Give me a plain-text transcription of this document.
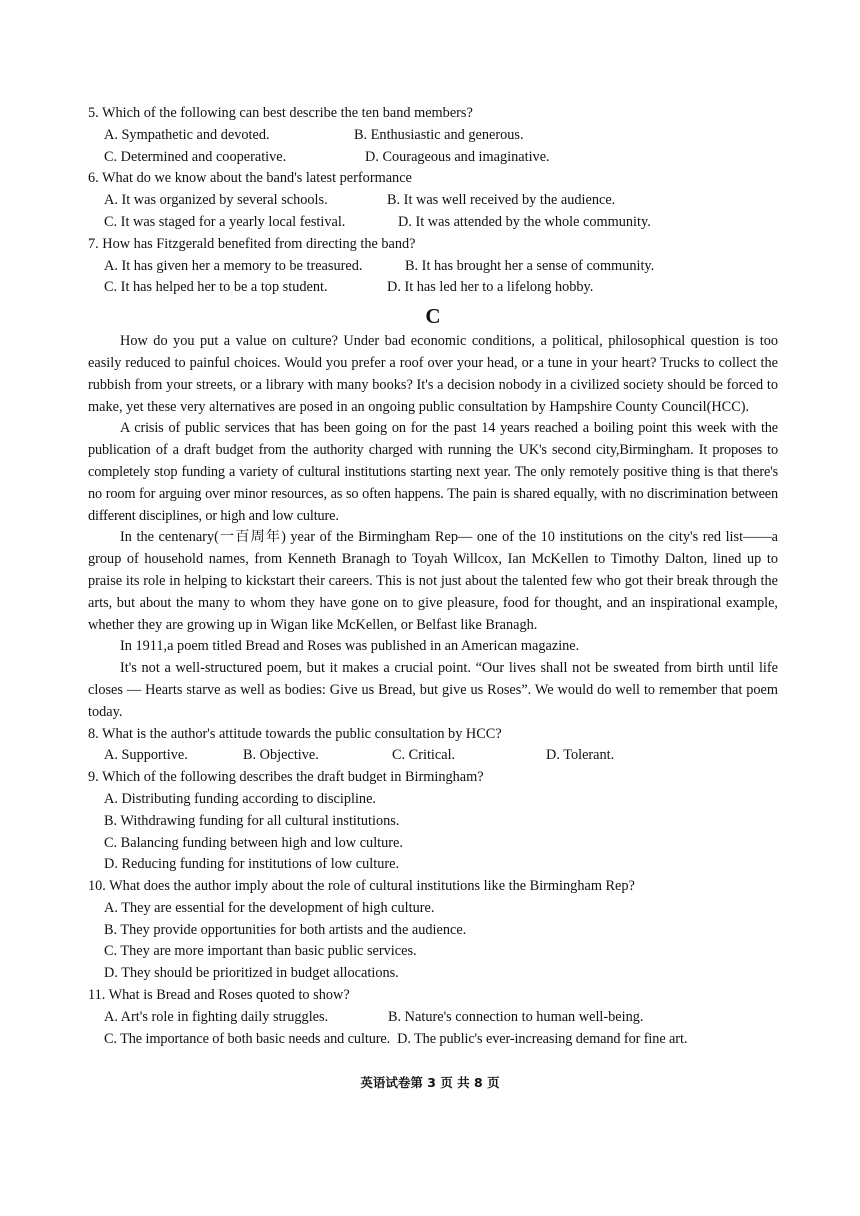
5. Which of the following can best describe the ten band members?
A. Sympathetic and devoted.	B. Enthusiastic and generous.
C. Determined and cooperative.	D. Courageous and imaginative.
6. What do we know about the band's latest performance
A. It was organized by several schools.	B. It was well received by the audience.
C. It was staged for a yearly local festival.	D. It was attended by the whole community.
7. How has Fitzgerald benefited from directing the band?
A. It has given her a memory to be treasured.	B. It has brought her a sense of community.
C. It has helped her to be a top student.	D. It has led her to a lifelong hobby.
C
How do you put a value on culture? Under bad economic conditions, a political, philosophical question is too easily reduced to painful choices. Would you prefer a roof over your head, or a tune in your heart? Trucks to collect the rubbish from your streets, or a library with many books? It's a decision nobody in a civilized society should be forced to make, yet these very alternatives are posed in an ongoing public consultation by Hampshire County Council(HCC).
A crisis of public services that has been going on for the past 14 years reached a boiling point this week with the publication of a draft budget from the authority charged with running the UK's second city,Birmingham. It proposes to completely stop funding a variety of cultural institutions starting next year. The only remotely positive thing is that there's no room for arguing over minor resources, as so often happens. The pain is shared equally, with no discrimination between different disciplines, or high and low culture.
In the centenary(一百周年) year of the Birmingham Rep— one of the 10 institutions on the city's red list——a group of household names, from Kenneth Branagh to Toyah Willcox, Ian McKellen to Timothy Dalton, lined up to praise its role in helping to kickstart their careers. This is not just about the talented few who got their break through the arts, but about the many to whom they have gone on to give pleasure, food for thought, and an inspirational example, whether they are growing up in Wigan like McKellen, or Belfast like Branagh.
In 1911,a poem titled Bread and Roses was published in an American magazine.
It's not a well-structured poem, but it makes a crucial point. “Our lives shall not be sweated from birth until life closes — Hearts starve as well as bodies: Give us Bread, but give us Roses”. We would do well to remember that poem today.
8. What is the author's attitude towards the public consultation by HCC?
A. Supportive.	B. Objective.	C. Critical.	D. Tolerant.
9. Which of the following describes the draft budget in Birmingham?
A. Distributing funding according to discipline.
B. Withdrawing funding for all cultural institutions.
C. Balancing funding between high and low culture.
D. Reducing funding for institutions of low culture.
10. What does the author imply about the role of cultural institutions like the Birmingham Rep?
A. They are essential for the development of high culture.
B. They provide opportunities for both artists and the audience.
C. They are more important than basic public services.
D. They should be prioritized in budget allocations.
11. What is Bread and Roses quoted to show?
A. Art's role in fighting daily struggles.	B. Nature's connection to human well-being.
C. The importance of both basic needs and culture. D. The public's ever-increasing demand for fine art.
英语试卷第 3 页 共 8 页
